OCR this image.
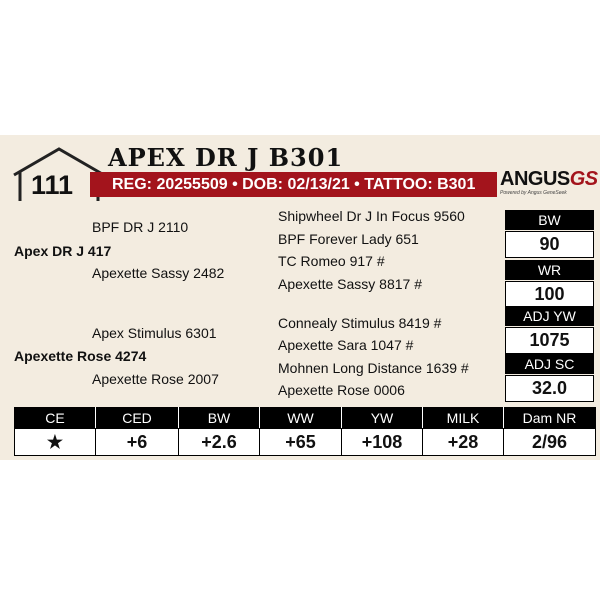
111
APEX DR J B301
REG: 20255509 • DOB: 02/13/21 • TATTOO: B301	ANGUSGS
Powered by Angus GeneSeek
BPF DR J 2110
Apex DR J 417
Apexette Sassy 2482
Shipwheel Dr J In Focus 9560
BPF Forever Lady 651
TC Romeo 917 #
Apexette Sassy 8817 #
Apex Stimulus 6301
Apexette Rose 4274
Apexette Rose 2007
Connealy Stimulus 8419 #
Apexette Sara 1047 #
Mohnen Long Distance 1639 #
Apexette Rose 0006
BW
90
WR
100
ADJ YW
1075
ADJ SC
32.0
CE	CED	BW	WW	YW	MILK	Dam NR
★	+6	+2.6	+65	+108	+28	2/96
